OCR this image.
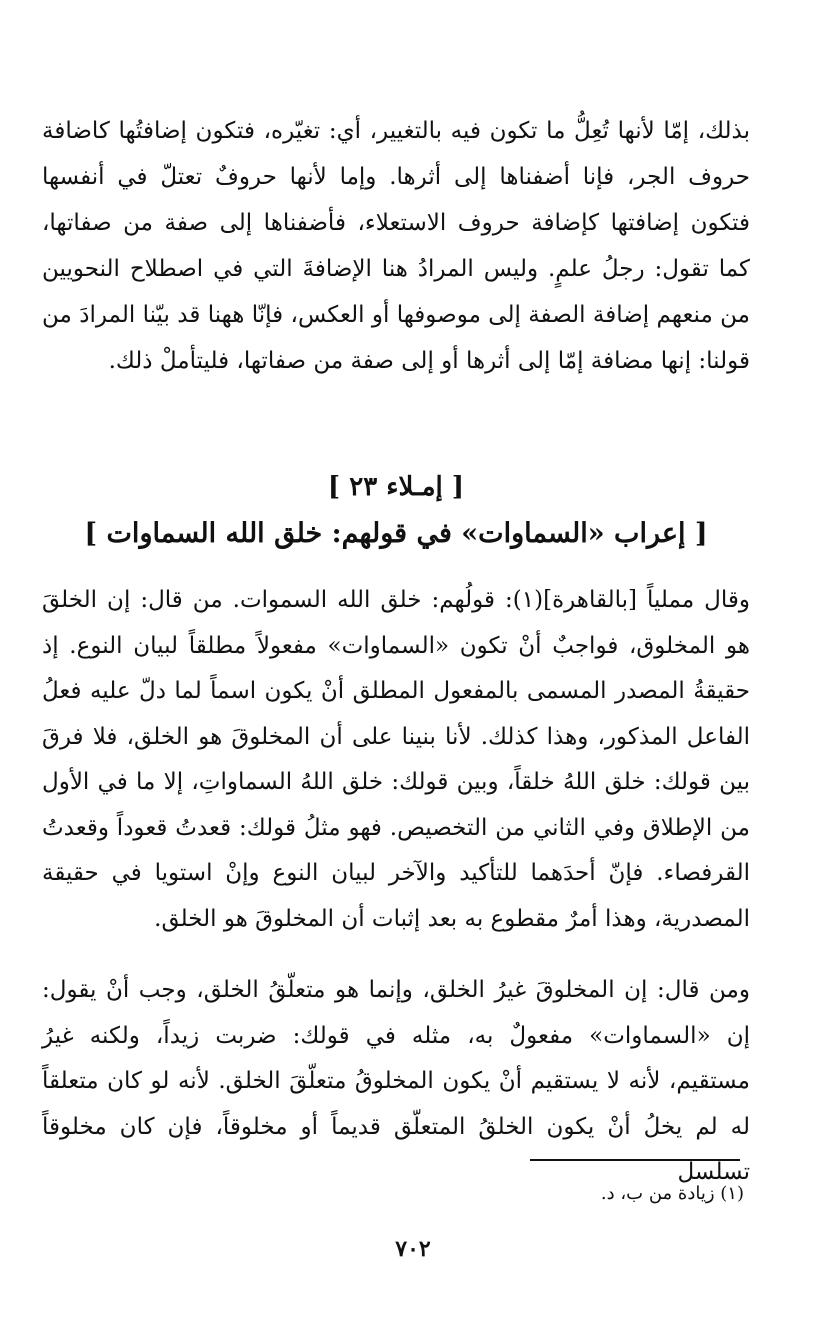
بذلك، إمّا لأنها تُعِلُّ ما تكون فيه بالتغيير، أي: تغيّره، فتكون إضافتُها كاضافة حروف الجر، فإنا أضفناها إلى أثرها. وإما لأنها حروفٌ تعتلّ في أنفسها فتكون إضافتها كإضافة حروف الاستعلاء، فأضفناها إلى صفة من صفاتها، كما تقول: رجلُ علمٍ. وليس المرادُ هنا الإضافةَ التي في اصطلاح النحويين من منعهم إضافة الصفة إلى موصوفها أو العكس، فإنّا ههنا قد بيّنا المرادَ من قولنا: إنها مضافة إمّا إلى أثرها أو إلى صفة من صفاتها، فليتأملْ ذلك.

[ إمـلاء ٢٣ ]
[ إعراب «السماوات» في قولهم: خلق الله السماوات ]

وقال مملياً [بالقاهرة](١): قولُهم: خلق الله السموات. من قال: إن الخلقَ هو المخلوق، فواجبٌ أنْ تكون «السماوات» مفعولاً مطلقاً لبيان النوع. إذ حقيقةُ المصدر المسمى بالمفعول المطلق أنْ يكون اسماً لما دلّ عليه فعلُ الفاعل المذكور، وهذا كذلك. لأنا بنينا على أن المخلوقَ هو الخلق، فلا فرقَ بين قولك: خلق اللهُ خلقاً، وبين قولك: خلق اللهُ السماواتِ، إلا ما في الأول من الإطلاق وفي الثاني من التخصيص. فهو مثلُ قولك: قعدتُ قعوداً وقعدتُ القرفصاء. فإنّ أحدَهما للتأكيد والآخر لبيان النوع وإنْ استويا في حقيقة المصدرية، وهذا أمرٌ مقطوع به بعد إثبات أن المخلوقَ هو الخلق.

ومن قال: إن المخلوقَ غيرُ الخلق، وإنما هو متعلّقُ الخلق، وجب أنْ يقول: إن «السماوات» مفعولٌ به، مثله في قولك: ضربت زيداً، ولكنه غيرُ مستقيم، لأنه لا يستقيم أنْ يكون المخلوقُ متعلّقَ الخلق. لأنه لو كان متعلقاً له لم يخلُ أنْ يكون الخلقُ المتعلّق قديماً أو مخلوقاً، فإن كان مخلوقاً تسلسل

(١) زيادة من ب، د.
٧٠٢
